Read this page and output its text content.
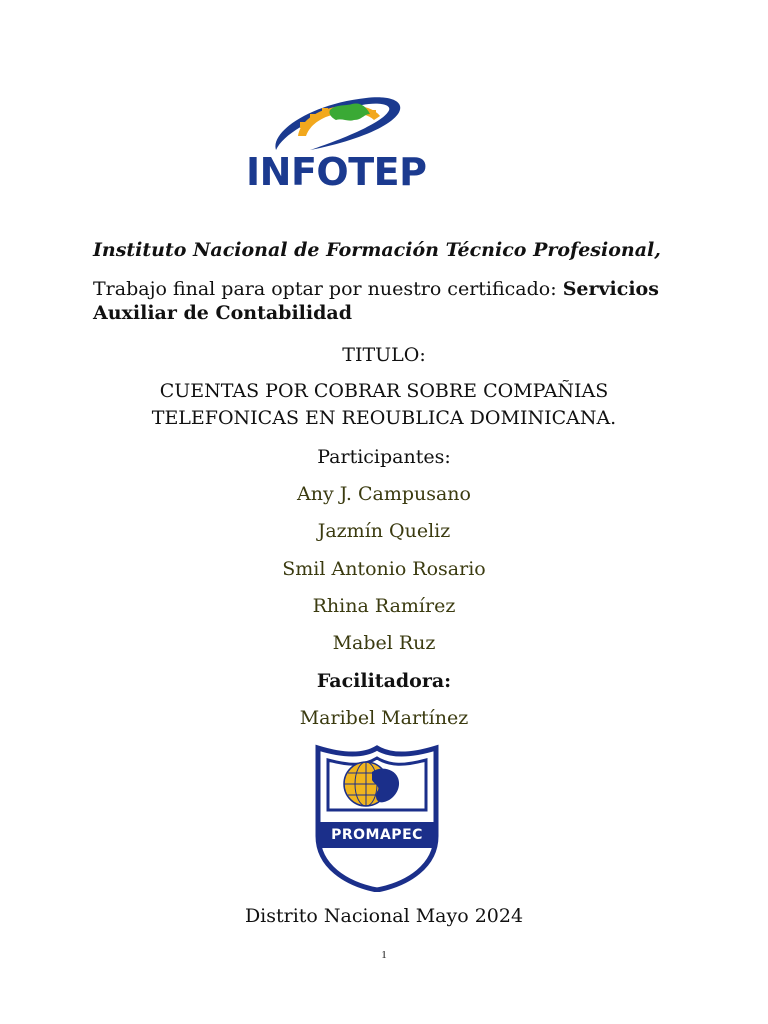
INFOTEP
Instituto Nacional de Formación Técnico Profesional,
Trabajo final para optar por nuestro certificado: Servicios Auxiliar de Contabilidad
TITULO:
CUENTAS POR COBRAR SOBRE COMPAÑIAS
TELEFONICAS EN REOUBLICA DOMINICANA.
Participantes:
Any J. Campusano
Jazmín Queliz
Smil Antonio Rosario
Rhina Ramírez
Mabel Ruz
Facilitadora:
Maribel Martínez
PROMAPEC
Distrito Nacional Mayo 2024
1
